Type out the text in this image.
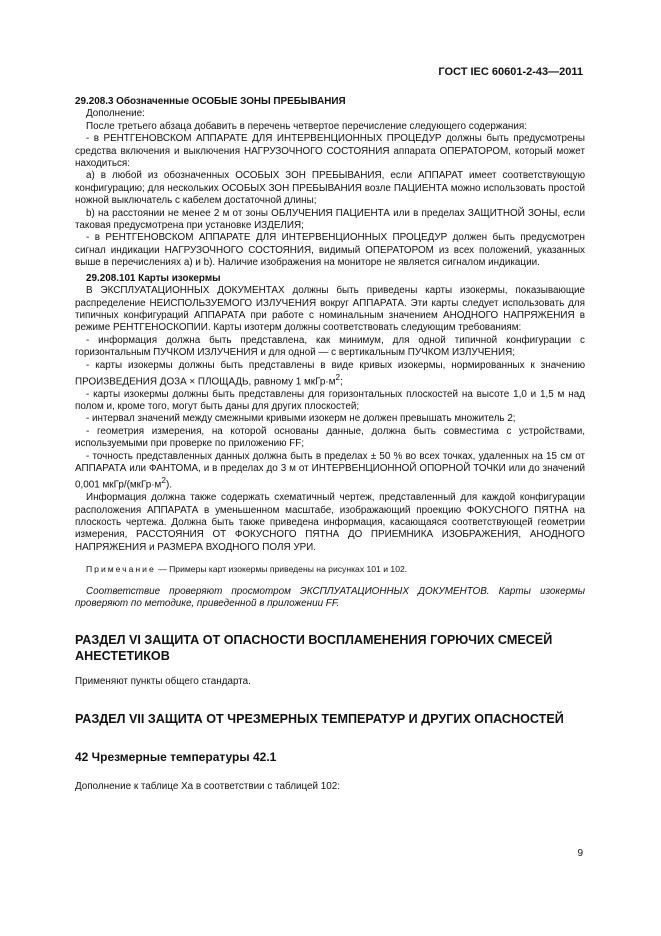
ГОСТ IEC 60601-2-43—2011

29.208.3 Обозначенные ОСОБЫЕ ЗОНЫ ПРЕБЫВАНИЯ

Дополнение:

После третьего абзаца добавить в перечень четвертое перечисление следующего содержания:

- в РЕНТГЕНОВСКОМ АППАРАТЕ ДЛЯ ИНТЕРВЕНЦИОННЫХ ПРОЦЕДУР должны быть предусмотрены средства включения и выключения НАГРУЗОЧНОГО СОСТОЯНИЯ аппарата ОПЕРАТОРОМ, который может находиться:

а) в любой из обозначенных ОСОБЫХ ЗОН ПРЕБЫВАНИЯ, если АППАРАТ имеет соответствующую конфигурацию; для нескольких ОСОБЫХ ЗОН ПРЕБЫВАНИЯ возле ПАЦИЕНТА можно использовать простой ножной выключатель с кабелем достаточной длины;

b) на расстоянии не менее 2 м от зоны ОБЛУЧЕНИЯ ПАЦИЕНТА или в пределах ЗАЩИТНОЙ ЗОНЫ, если таковая предусмотрена при установке ИЗДЕЛИЯ;

- в РЕНТГЕНОВСКОМ АППАРАТЕ ДЛЯ ИНТЕРВЕНЦИОННЫХ ПРОЦЕДУР должен быть предусмотрен сигнал индикации НАГРУЗОЧНОГО СОСТОЯНИЯ, видимый ОПЕРАТОРОМ из всех положений, указанных выше в перечислениях а) и b). Наличие изображения на мониторе не является сигналом индикации.

29.208.101 Карты изокермы

В ЭКСПЛУАТАЦИОННЫХ ДОКУМЕНТАХ должны быть приведены карты изокермы, показывающие распределение НЕИСПОЛЬЗУЕМОГО ИЗЛУЧЕНИЯ вокруг АППАРАТА. Эти карты следует использовать для типичных конфигураций АППАРАТА при работе с номинальным значением АНОДНОГО НАПРЯЖЕНИЯ в режиме РЕНТГЕНОСКОПИИ. Карты изотерм должны соответствовать следующим требованиям:

- информация должна быть представлена, как минимум, для одной типичной конфигурации с горизонтальным ПУЧКОМ ИЗЛУЧЕНИЯ и для одной — с вертикальным ПУЧКОМ ИЗЛУЧЕНИЯ;

- карты изокермы должны быть представлены в виде кривых изокермы, нормированных к значению ПРОИЗВЕДЕНИЯ ДОЗА × ПЛОЩАДЬ, равному 1 $мкГр\cdot м^2$;

- карты изокермы должны быть представлены для горизонтальных плоскостей на высоте 1,0 и 1,5 м над полом и, кроме того, могут быть даны для других плоскостей;

- интервал значений между смежными кривыми изокерм не должен превышать множитель 2;

- геометрия измерения, на которой основаны данные, должна быть совместима с устройствами, используемыми при проверке по приложению FF;

- точность представленных данных должна быть в пределах ± 50 % во всех точках, удаленных на 15 см от АППАРАТА или ФАНТОМА, и в пределах до 3 м от ИНТЕРВЕНЦИОННОЙ ОПОРНОЙ ТОЧКИ или до значений 0,001 мкГр/$(мкГр\cdot м^2)$.

Информация должна также содержать схематичный чертеж, представленный для каждой конфигурации расположения АППАРАТА в уменьшенном масштабе, изображающий проекцию ФОКУСНОГО ПЯТНА на плоскость чертежа. Должна быть также приведена информация, касающаяся соответствующей геометрии измерения, РАССТОЯНИЯ ОТ ФОКУСНОГО ПЯТНА ДО ПРИЕМНИКА ИЗОБРАЖЕНИЯ, АНОДНОГО НАПРЯЖЕНИЯ и РАЗМЕРА ВХОДНОГО ПОЛЯ УРИ.

Примечание — Примеры карт изокермы приведены на рисунках 101 и 102.

Соответствие проверяют просмотром ЭКСПЛУАТАЦИОННЫХ ДОКУМЕНТОВ. Карты изокермы проверяют по методике, приведенной в приложении FF.

РАЗДЕЛ VI ЗАЩИТА ОТ ОПАСНОСТИ ВОСПЛАМЕНЕНИЯ ГОРЮЧИХ СМЕСЕЙ АНЕСТЕТИКОВ

Применяют пункты общего стандарта.

РАЗДЕЛ VII ЗАЩИТА ОТ ЧРЕЗМЕРНЫХ ТЕМПЕРАТУР И ДРУГИХ ОПАСНОСТЕЙ

42 Чрезмерные температуры 42.1

Дополнение к таблице Ха в соответствии с таблицей 102:

9
